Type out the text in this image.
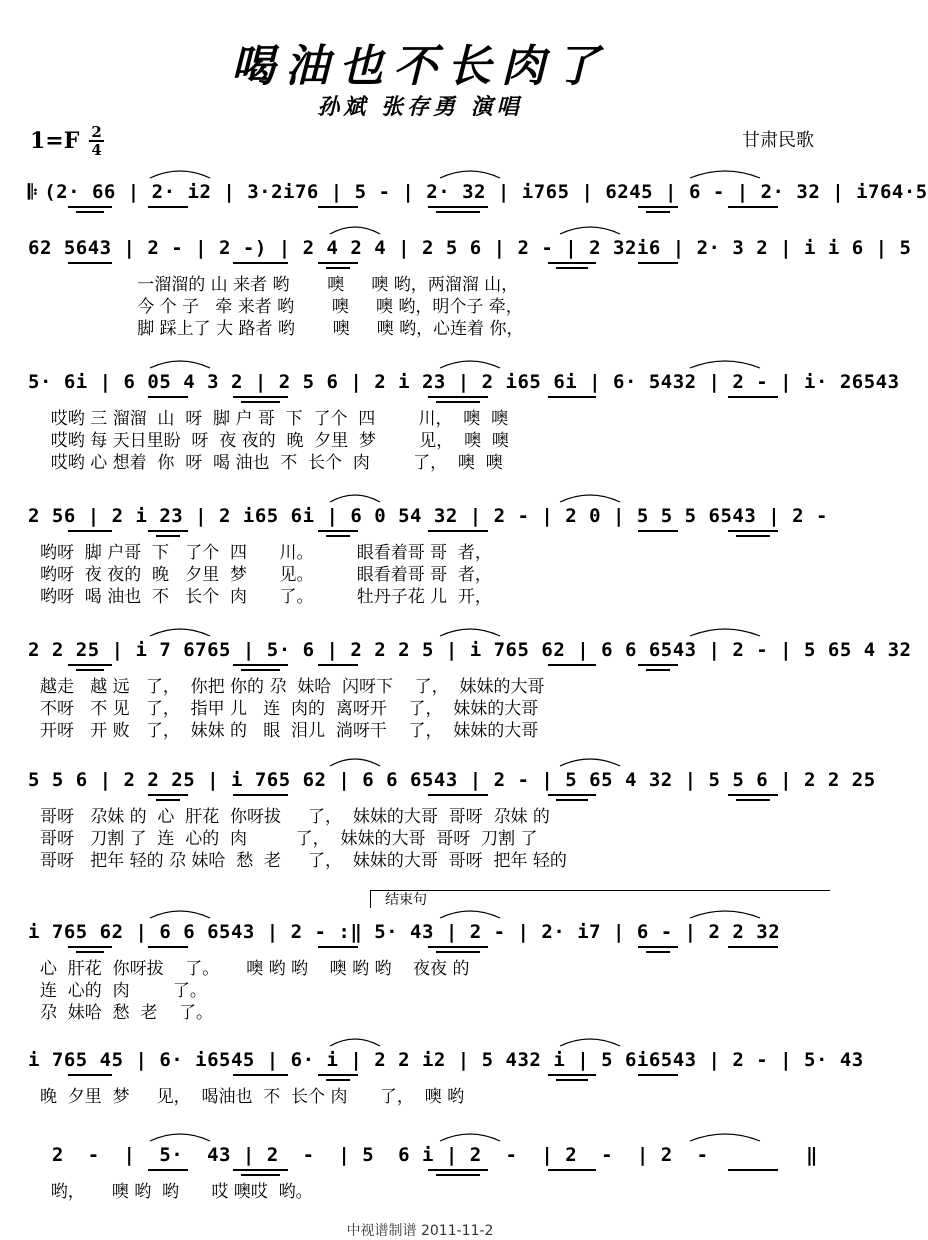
喝油也不长肉了
孙斌 张存勇 演唱
$1=F \frac{2}{4}$	甘肃民歌
结束句
𝄆 (2· 66 | 2· i2 | 3·2i76 | 5 - | 2· 32 | i765 | 6245 | 6 - | 2· 32 | i764·5
62 5643 | 2 - | 2 -) | 2 4 2 4 | 2 5 6 | 2 - | 2 32i6 | 2· 3 2 | i i 6 | 5
一溜溜的 山 来者 哟       噢     噢 哟，两溜溜 山，
今 个 子   牵 来者 哟       噢     噢 哟，明个子 牵，
脚 踩上了 大 路者 哟       噢     噢 哟，心连着 你，
5· 6i | 6 05 4 3 2 | 2 5 6 | 2 i 23 | 2 i65 6i | 6· 5432 | 2 - | i· 26543
哎哟 三 溜溜  山  呀  脚 户 哥  下  了个  四        川，  噢  噢
哎哟 每 天日里盼  呀  夜 夜的  晚  夕里  梦        见，  噢  噢
哎哟 心 想着  你  呀  喝 油也  不  长个  肉        了，  噢  噢
2 56 | 2 i 23 | 2 i65 6i | 6 0 54 32 | 2 - | 2 0 | 5 5 5 6543 | 2 -
哟呀  脚 户哥  下   了个  四      川。        眼看着哥 哥  者，
哟呀  夜 夜的  晚   夕里  梦      见。        眼看着哥 哥  者，
哟呀  喝 油也  不   长个  肉      了。        牡丹子花 儿  开，
2 2 25 | i 7 6765 | 5· 6 | 2 2 2 5 | i 765 62 | 6 6 6543 | 2 - | 5 65 4 32
越走   越 远   了，  你把 你的 尕  妹哈  闪呀下    了，  妹妹的大哥
不呀   不 见   了，  指甲 儿   连  肉的  离呀开    了，  妹妹的大哥
开呀   开 败   了，  妹妹 的   眼  泪儿  淌呀干    了，  妹妹的大哥
5 5 6 | 2 2 25 | i 765 62 | 6 6 6543 | 2 - | 5 65 4 32 | 5 5 6 | 2 2 25
哥呀   尕妹 的  心  肝花  你呀拔     了，  妹妹的大哥  哥呀  尕妹 的
哥呀   刀割 了  连  心的  肉         了，  妹妹的大哥  哥呀  刀割 了
哥呀   把年 轻的 尕 妹哈  愁  老     了，  妹妹的大哥  哥呀  把年 轻的
i 765 62 | 6 6 6543 | 2 - :‖ 5· 43 | 2 - | 2· i7 | 6 - | 2 2 32
心  肝花  你呀拔    了。     噢 哟 哟    噢 哟 哟    夜夜 的
连  心的  肉        了。
尕  妹哈  愁  老    了。
i 765 45 | 6· i6545 | 6· i | 2 2 i2 | 5 432 i | 5 6i6543 | 2 - | 5· 43
晚  夕里  梦     见，  喝油也  不  长个 肉      了，  噢 哟
2  -  |  5·  43 | 2  -  | 5  6 i | 2  -  | 2  -  | 2  -	‖
哟，     噢 哟  哟      哎 噢哎  哟。
中视谱制谱 2011-11-2
